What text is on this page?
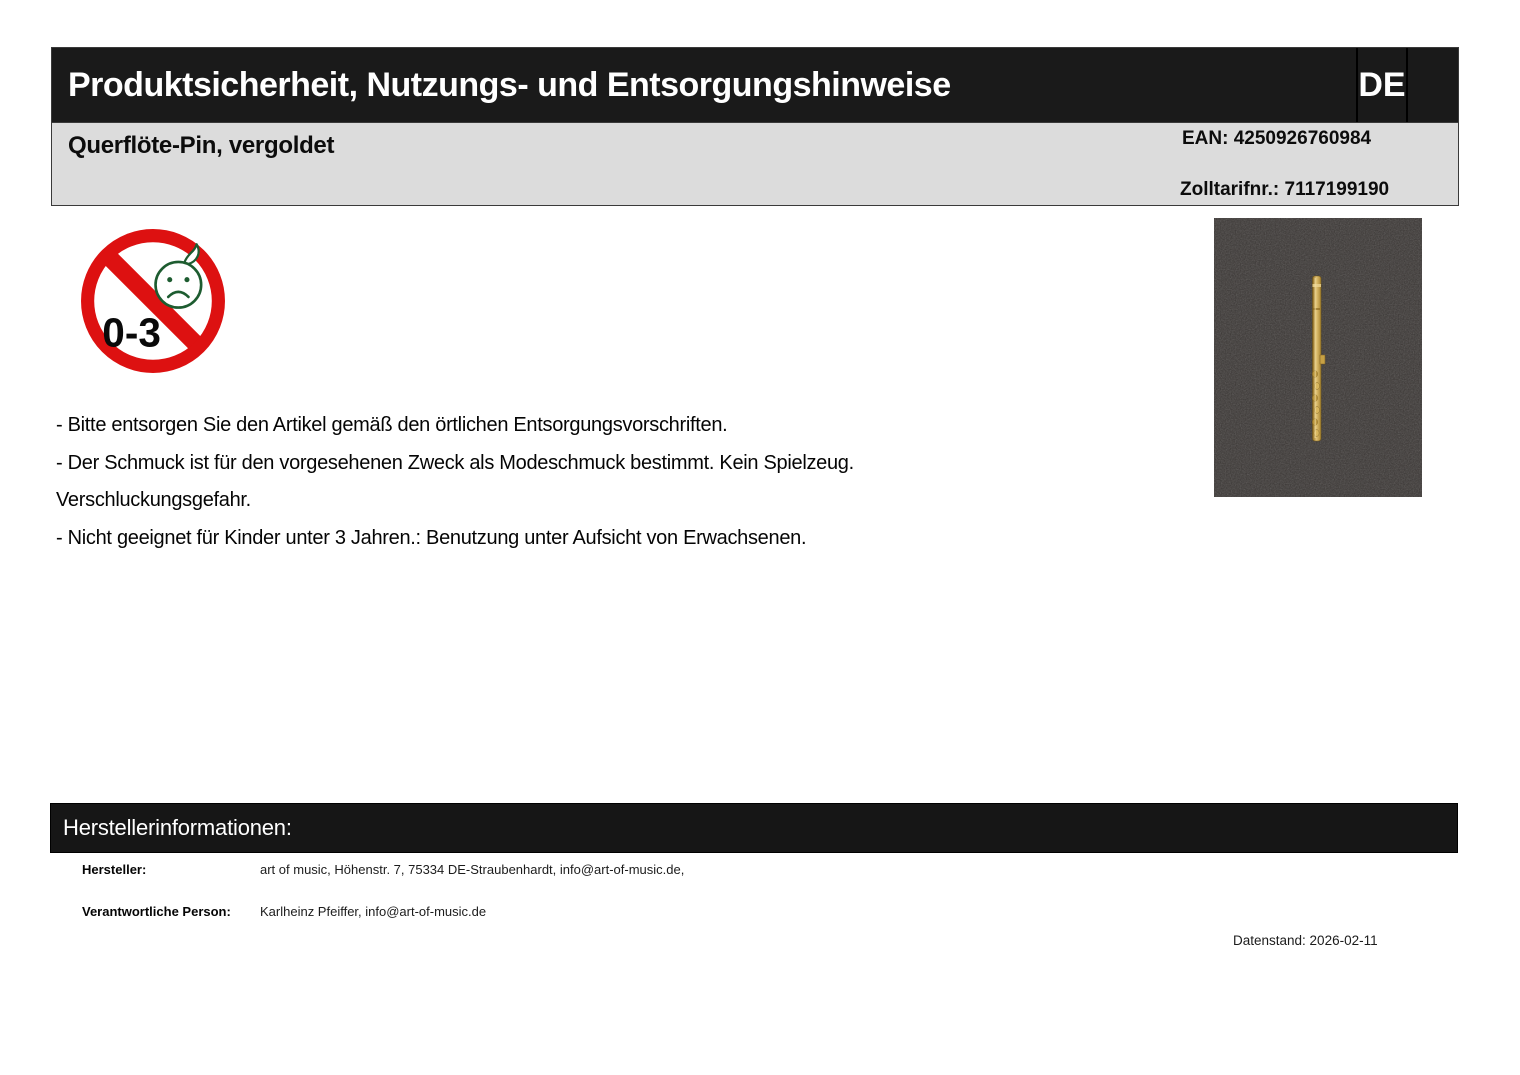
Produktsicherheit, Nutzungs- und Entsorgungshinweise	DE
Querflöte-Pin, vergoldet	EAN: 4250926760984
Zolltarifnr.: 7117199190
0-3
- Bitte entsorgen Sie den Artikel gemäß den örtlichen Entsorgungsvorschriften.
- Der Schmuck ist für den vorgesehenen Zweck als Modeschmuck bestimmt. Kein Spielzeug.
Verschluckungsgefahr.
- Nicht geeignet für Kinder unter 3 Jahren.: Benutzung unter Aufsicht von Erwachsenen.
Herstellerinformationen:
Hersteller:	art of music, Höhenstr. 7, 75334 DE-Straubenhardt, info@art-of-music.de,
Verantwortliche Person: Karlheinz Pfeiffer, info@art-of-music.de
Datenstand: 2026-02-11
